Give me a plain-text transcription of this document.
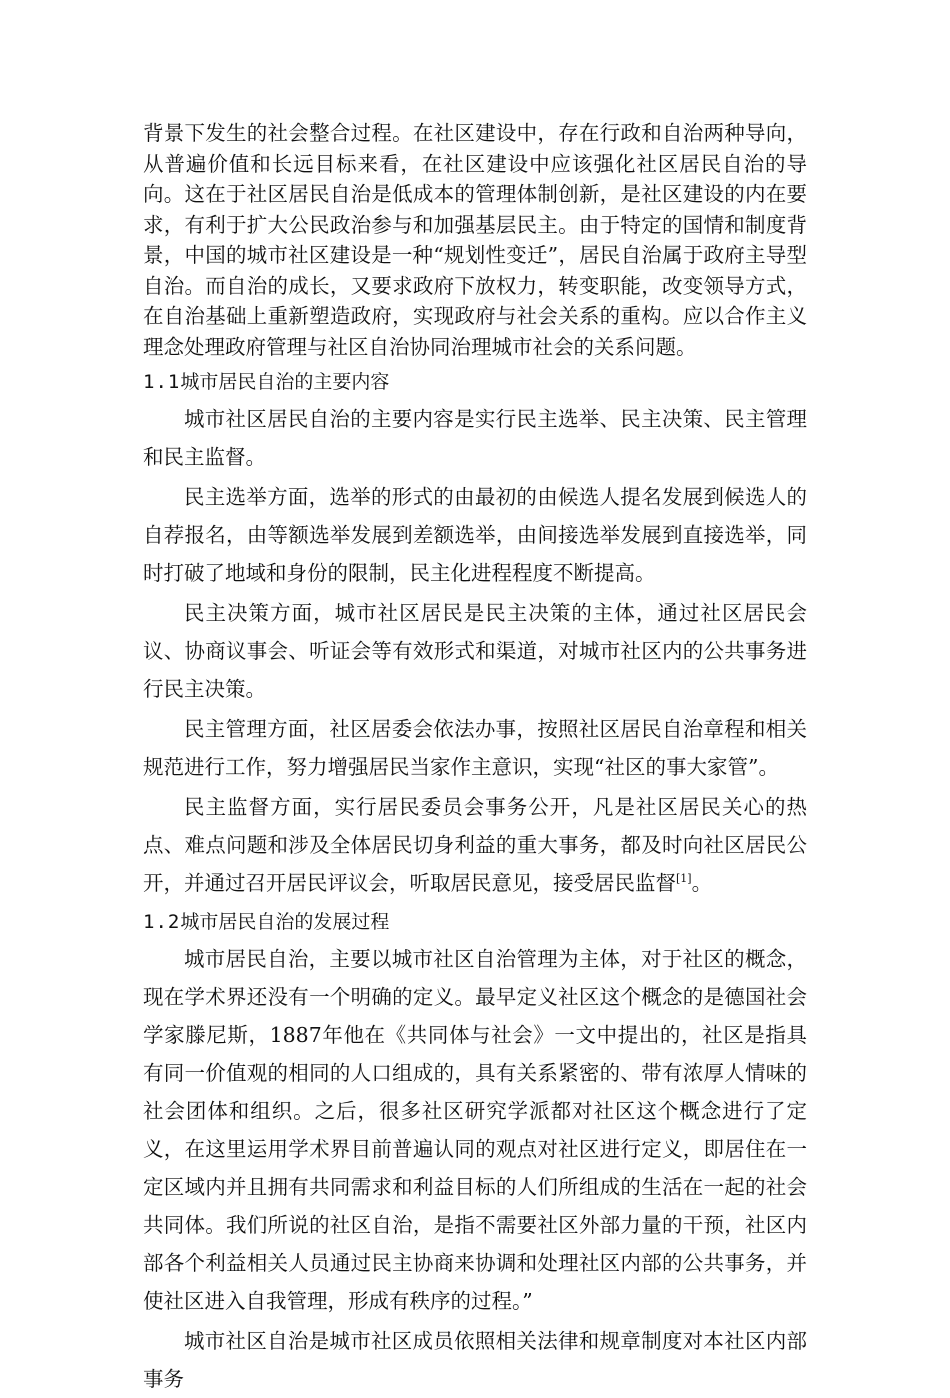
背景下发生的社会整合过程。在社区建设中，存在行政和自治两种导向，从普遍价值和长远目标来看，在社区建设中应该强化社区居民自治的导向。这在于社区居民自治是低成本的管理体制创新，是社区建设的内在要求，有利于扩大公民政治参与和加强基层民主。由于特定的国情和制度背景，中国的城市社区建设是一种“规划性变迁”，居民自治属于政府主导型自治。而自治的成长，又要求政府下放权力，转变职能，改变领导方式，在自治基础上重新塑造政府，实现政府与社会关系的重构。应以合作主义理念处理政府管理与社区自治协同治理城市社会的关系问题。

1.1城市居民自治的主要内容

城市社区居民自治的主要内容是实行民主选举、民主决策、民主管理和民主监督。

民主选举方面，选举的形式的由最初的由候选人提名发展到候选人的自荐报名，由等额选举发展到差额选举，由间接选举发展到直接选举，同时打破了地域和身份的限制，民主化进程程度不断提高。

民主决策方面，城市社区居民是民主决策的主体，通过社区居民会议、协商议事会、听证会等有效形式和渠道，对城市社区内的公共事务进行民主决策。

民主管理方面，社区居委会依法办事，按照社区居民自治章程和相关规范进行工作，努力增强居民当家作主意识，实现“社区的事大家管”。

民主监督方面，实行居民委员会事务公开，凡是社区居民关心的热点、难点问题和涉及全体居民切身利益的重大事务，都及时向社区居民公开，并通过召开居民评议会，听取居民意见，接受居民监督[1]。

1.2城市居民自治的发展过程

城市居民自治，主要以城市社区自治管理为主体，对于社区的概念，现在学术界还没有一个明确的定义。最早定义社区这个概念的是德国社会学家滕尼斯，1887年他在《共同体与社会》一文中提出的，社区是指具有同一价值观的相同的人口组成的，具有关系紧密的、带有浓厚人情味的社会团体和组织。之后，很多社区研究学派都对社区这个概念进行了定义，在这里运用学术界目前普遍认同的观点对社区进行定义，即居住在一定区域内并且拥有共同需求和利益目标的人们所组成的生活在一起的社会共同体。我们所说的社区自治，是指不需要社区外部力量的干预，社区内部各个利益相关人员通过民主协商来协调和处理社区内部的公共事务，并使社区进入自我管理，形成有秩序的过程。”

城市社区自治是城市社区成员依照相关法律和规章制度对本社区内部事务
